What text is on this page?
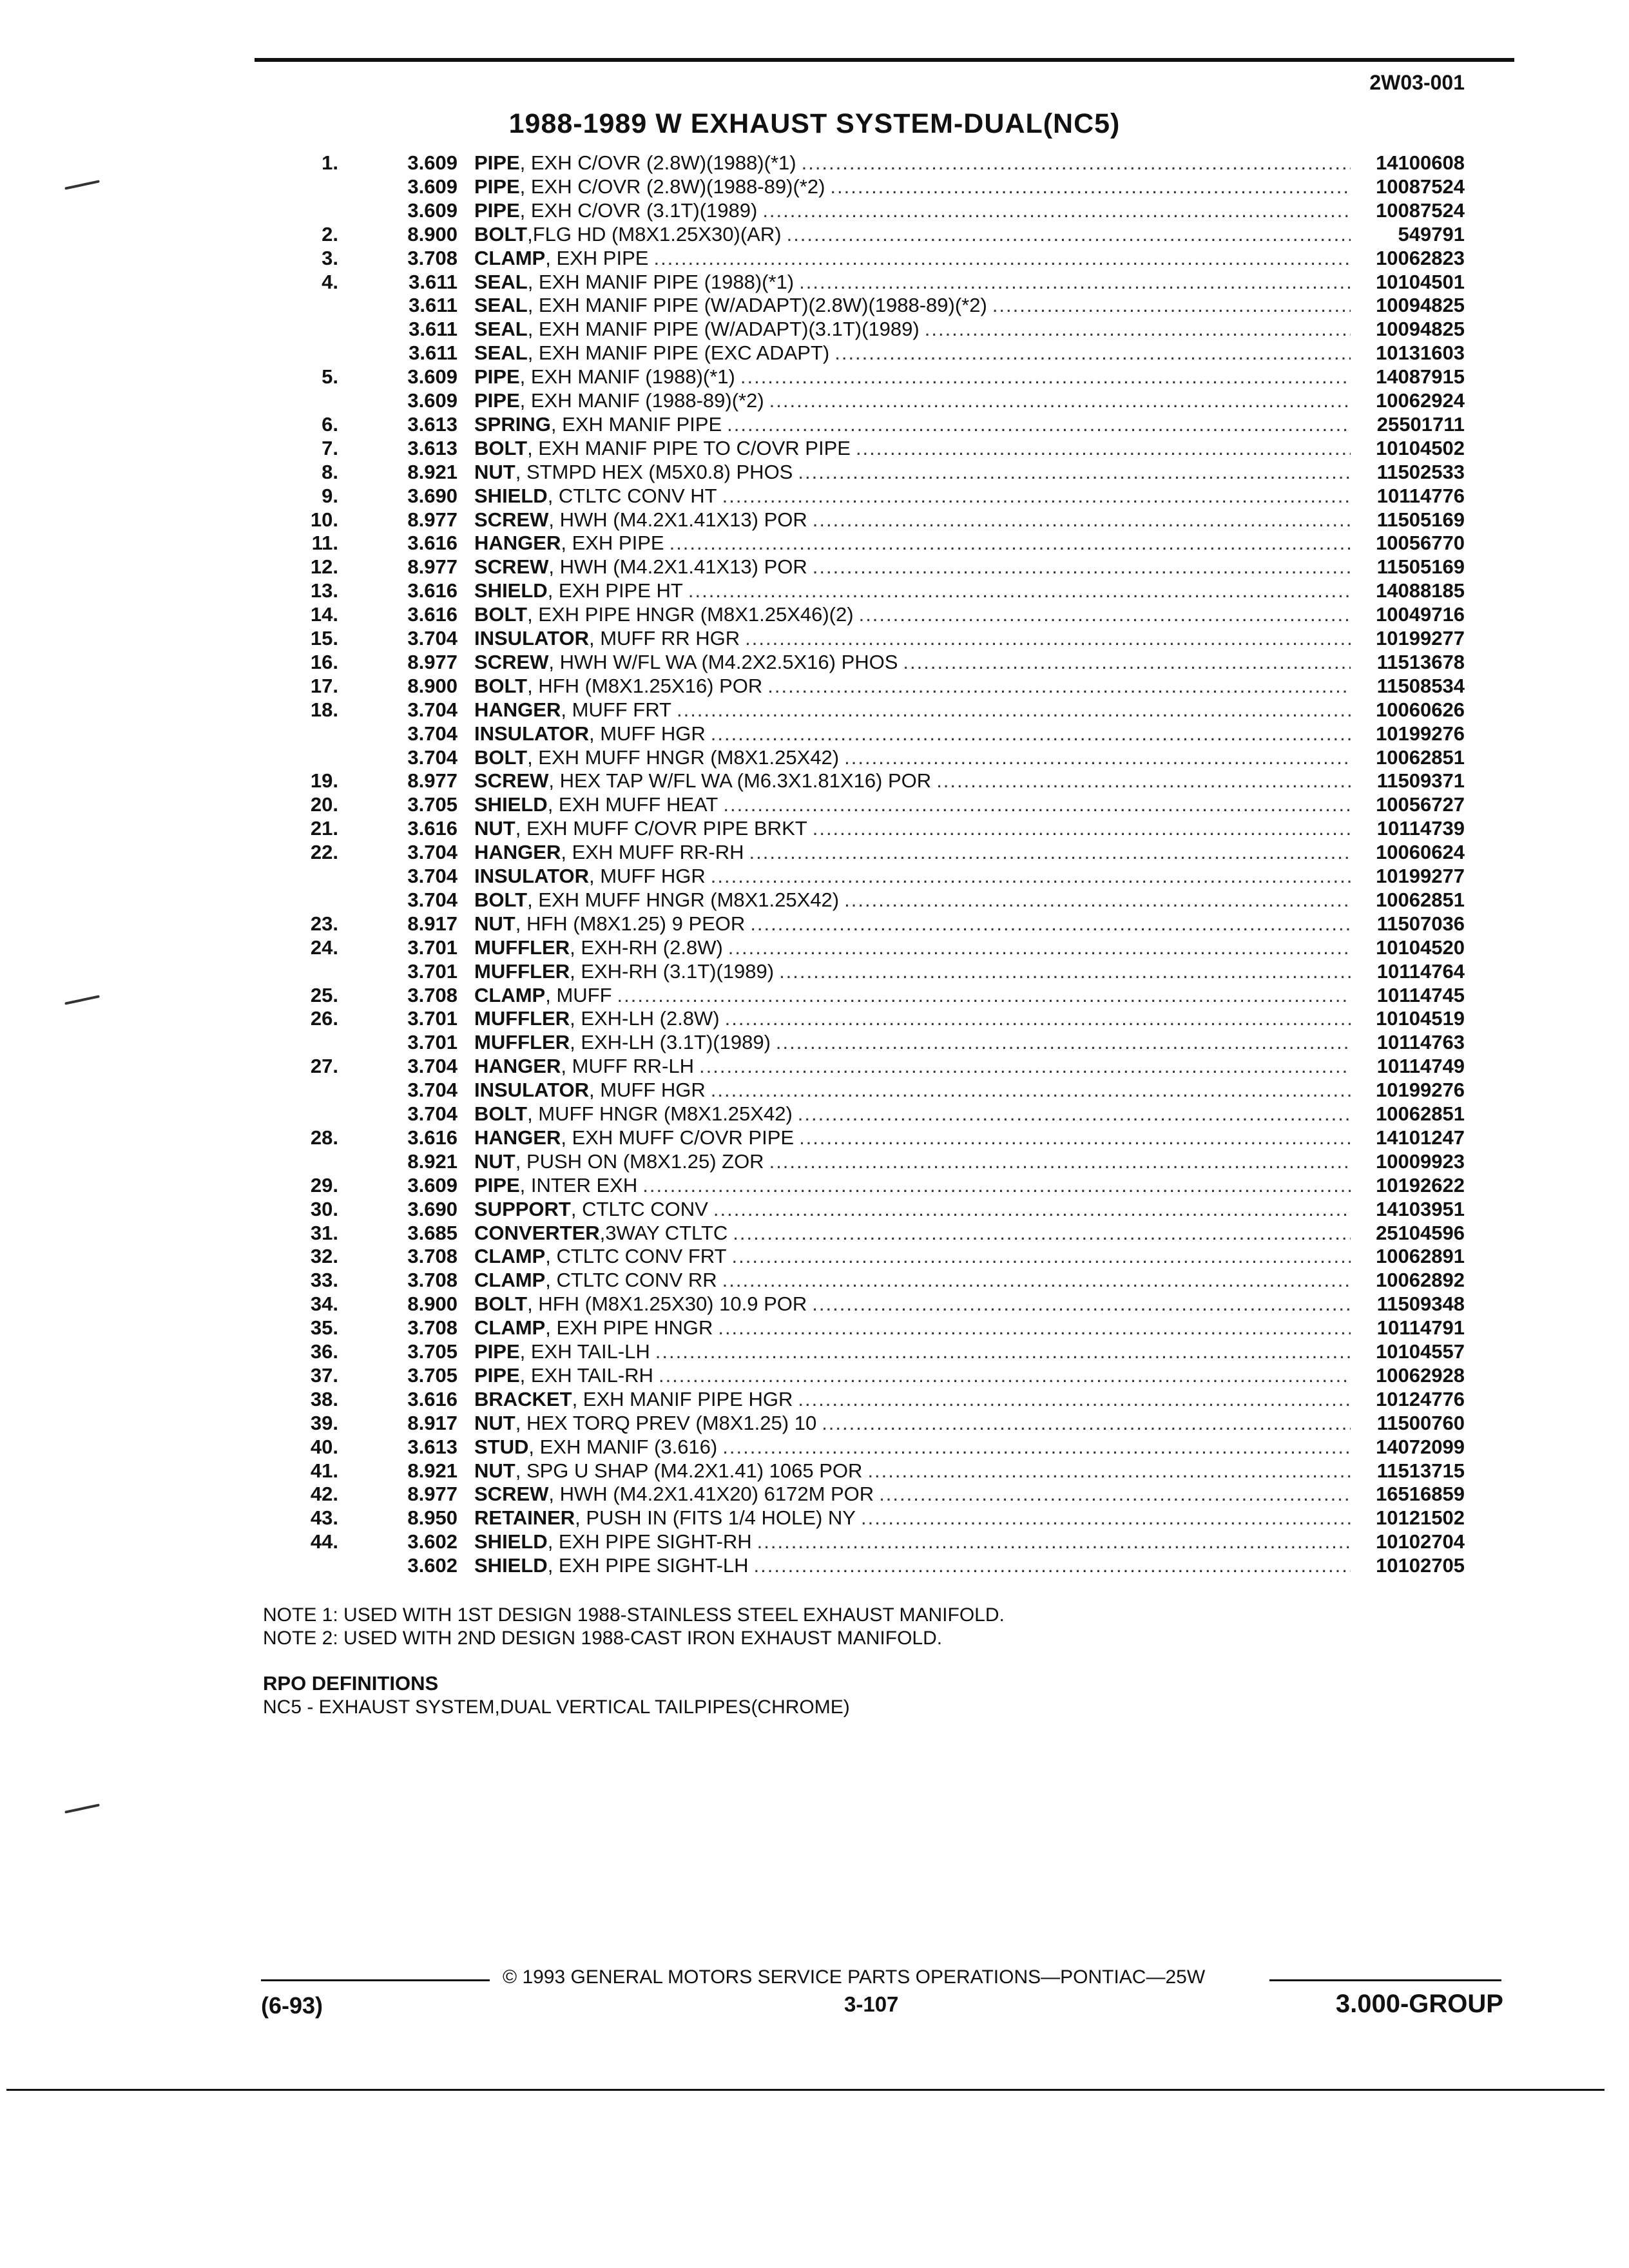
2W03-001
1988-1989 W EXHAUST SYSTEM-DUAL(NC5)
1.	3.609 PIPE , EXH C/OVR (2.8W)(1988)(*1) .....	14100608
3.609 PIPE , EXH C/OVR (2.8W)(1988-89)(*2) .....	10087524
3.609 PIPE , EXH C/OVR (3.1T)(1989) .....	10087524
2.	8.900 BOLT ,FLG HD (M8X1.25X30)(AR) .....	549791
3.	3.708 CLAMP , EXH PIPE .....	10062823
4.	3.611 SEAL , EXH MANIF PIPE (1988)(*1) .....	10104501
3.611 SEAL , EXH MANIF PIPE (W/ADAPT)(2.8W)(1988-89)(*2) .....	10094825
3.611 SEAL , EXH MANIF PIPE (W/ADAPT)(3.1T)(1989) .....	10094825
3.611 SEAL , EXH MANIF PIPE (EXC ADAPT) .....	10131603
5.	3.609 PIPE , EXH MANIF (1988)(*1) .....	14087915
3.609 PIPE , EXH MANIF (1988-89)(*2) .....	10062924
6.	3.613 SPRING , EXH MANIF PIPE .....	25501711
7.	3.613 BOLT , EXH MANIF PIPE TO C/OVR PIPE .....	10104502
8.	8.921 NUT , STMPD HEX (M5X0.8) PHOS .....	11502533
9.	3.690 SHIELD , CTLTC CONV HT .....	10114776
10.	8.977 SCREW , HWH (M4.2X1.41X13) POR .....	11505169
11.	3.616 HANGER , EXH PIPE .....	10056770
12.	8.977 SCREW , HWH (M4.2X1.41X13) POR .....	11505169
13.	3.616 SHIELD , EXH PIPE HT .....	14088185
14.	3.616 BOLT , EXH PIPE HNGR (M8X1.25X46)(2) .....	10049716
15.	3.704 INSULATOR , MUFF RR HGR .....	10199277
16.	8.977 SCREW , HWH W/FL WA (M4.2X2.5X16) PHOS .....	11513678
17.	8.900 BOLT , HFH (M8X1.25X16) POR .....	11508534
18.	3.704 HANGER , MUFF FRT .....	10060626
3.704 INSULATOR , MUFF HGR .....	10199276
3.704 BOLT , EXH MUFF HNGR (M8X1.25X42) .....	10062851
19.	8.977 SCREW , HEX TAP W/FL WA (M6.3X1.81X16) POR .....	11509371
20.	3.705 SHIELD , EXH MUFF HEAT .....	10056727
21.	3.616 NUT , EXH MUFF C/OVR PIPE BRKT .....	10114739
22.	3.704 HANGER , EXH MUFF RR-RH .....	10060624
3.704 INSULATOR , MUFF HGR .....	10199277
3.704 BOLT , EXH MUFF HNGR (M8X1.25X42) .....	10062851
23.	8.917 NUT , HFH (M8X1.25) 9 PEOR .....	11507036
24.	3.701 MUFFLER , EXH-RH (2.8W) .....	10104520
3.701 MUFFLER , EXH-RH (3.1T)(1989) .....	10114764
25.	3.708 CLAMP , MUFF .....	10114745
26.	3.701 MUFFLER , EXH-LH (2.8W) .....	10104519
3.701 MUFFLER , EXH-LH (3.1T)(1989) .....	10114763
27.	3.704 HANGER , MUFF RR-LH .....	10114749
3.704 INSULATOR , MUFF HGR .....	10199276
3.704 BOLT , MUFF HNGR (M8X1.25X42) .....	10062851
28.	3.616 HANGER , EXH MUFF C/OVR PIPE .....	14101247
8.921 NUT , PUSH ON (M8X1.25) ZOR .....	10009923
29.	3.609 PIPE , INTER EXH .....	10192622
30.	3.690 SUPPORT , CTLTC CONV .....	14103951
31.	3.685 CONVERTER ,3WAY CTLTC .....	25104596
32.	3.708 CLAMP , CTLTC CONV FRT .....	10062891
33.	3.708 CLAMP , CTLTC CONV RR .....	10062892
34.	8.900 BOLT , HFH (M8X1.25X30) 10.9 POR .....	11509348
35.	3.708 CLAMP , EXH PIPE HNGR .....	10114791
36.	3.705 PIPE , EXH TAIL-LH .....	10104557
37.	3.705 PIPE , EXH TAIL-RH .....	10062928
38.	3.616 BRACKET , EXH MANIF PIPE HGR .....	10124776
39.	8.917 NUT , HEX TORQ PREV (M8X1.25) 10 .....	11500760
40.	3.613 STUD , EXH MANIF (3.616) .....	14072099
41.	8.921 NUT , SPG U SHAP (M4.2X1.41) 1065 POR .....	11513715
42.	8.977 SCREW , HWH (M4.2X1.41X20) 6172M POR .....	16516859
43.	8.950 RETAINER , PUSH IN (FITS 1/4 HOLE) NY .....	10121502
44.	3.602 SHIELD , EXH PIPE SIGHT-RH .....	10102704
3.602 SHIELD , EXH PIPE SIGHT-LH .....	10102705
NOTE 1: USED WITH 1ST DESIGN 1988-STAINLESS STEEL EXHAUST MANIFOLD.
NOTE 2: USED WITH 2ND DESIGN 1988-CAST IRON EXHAUST MANIFOLD.
RPO DEFINITIONS
NC5 - EXHAUST SYSTEM,DUAL VERTICAL TAILPIPES(CHROME)
© 1993 GENERAL MOTORS SERVICE PARTS OPERATIONS—PONTIAC—25W
(6-93)	3-107	3.000-GROUP
